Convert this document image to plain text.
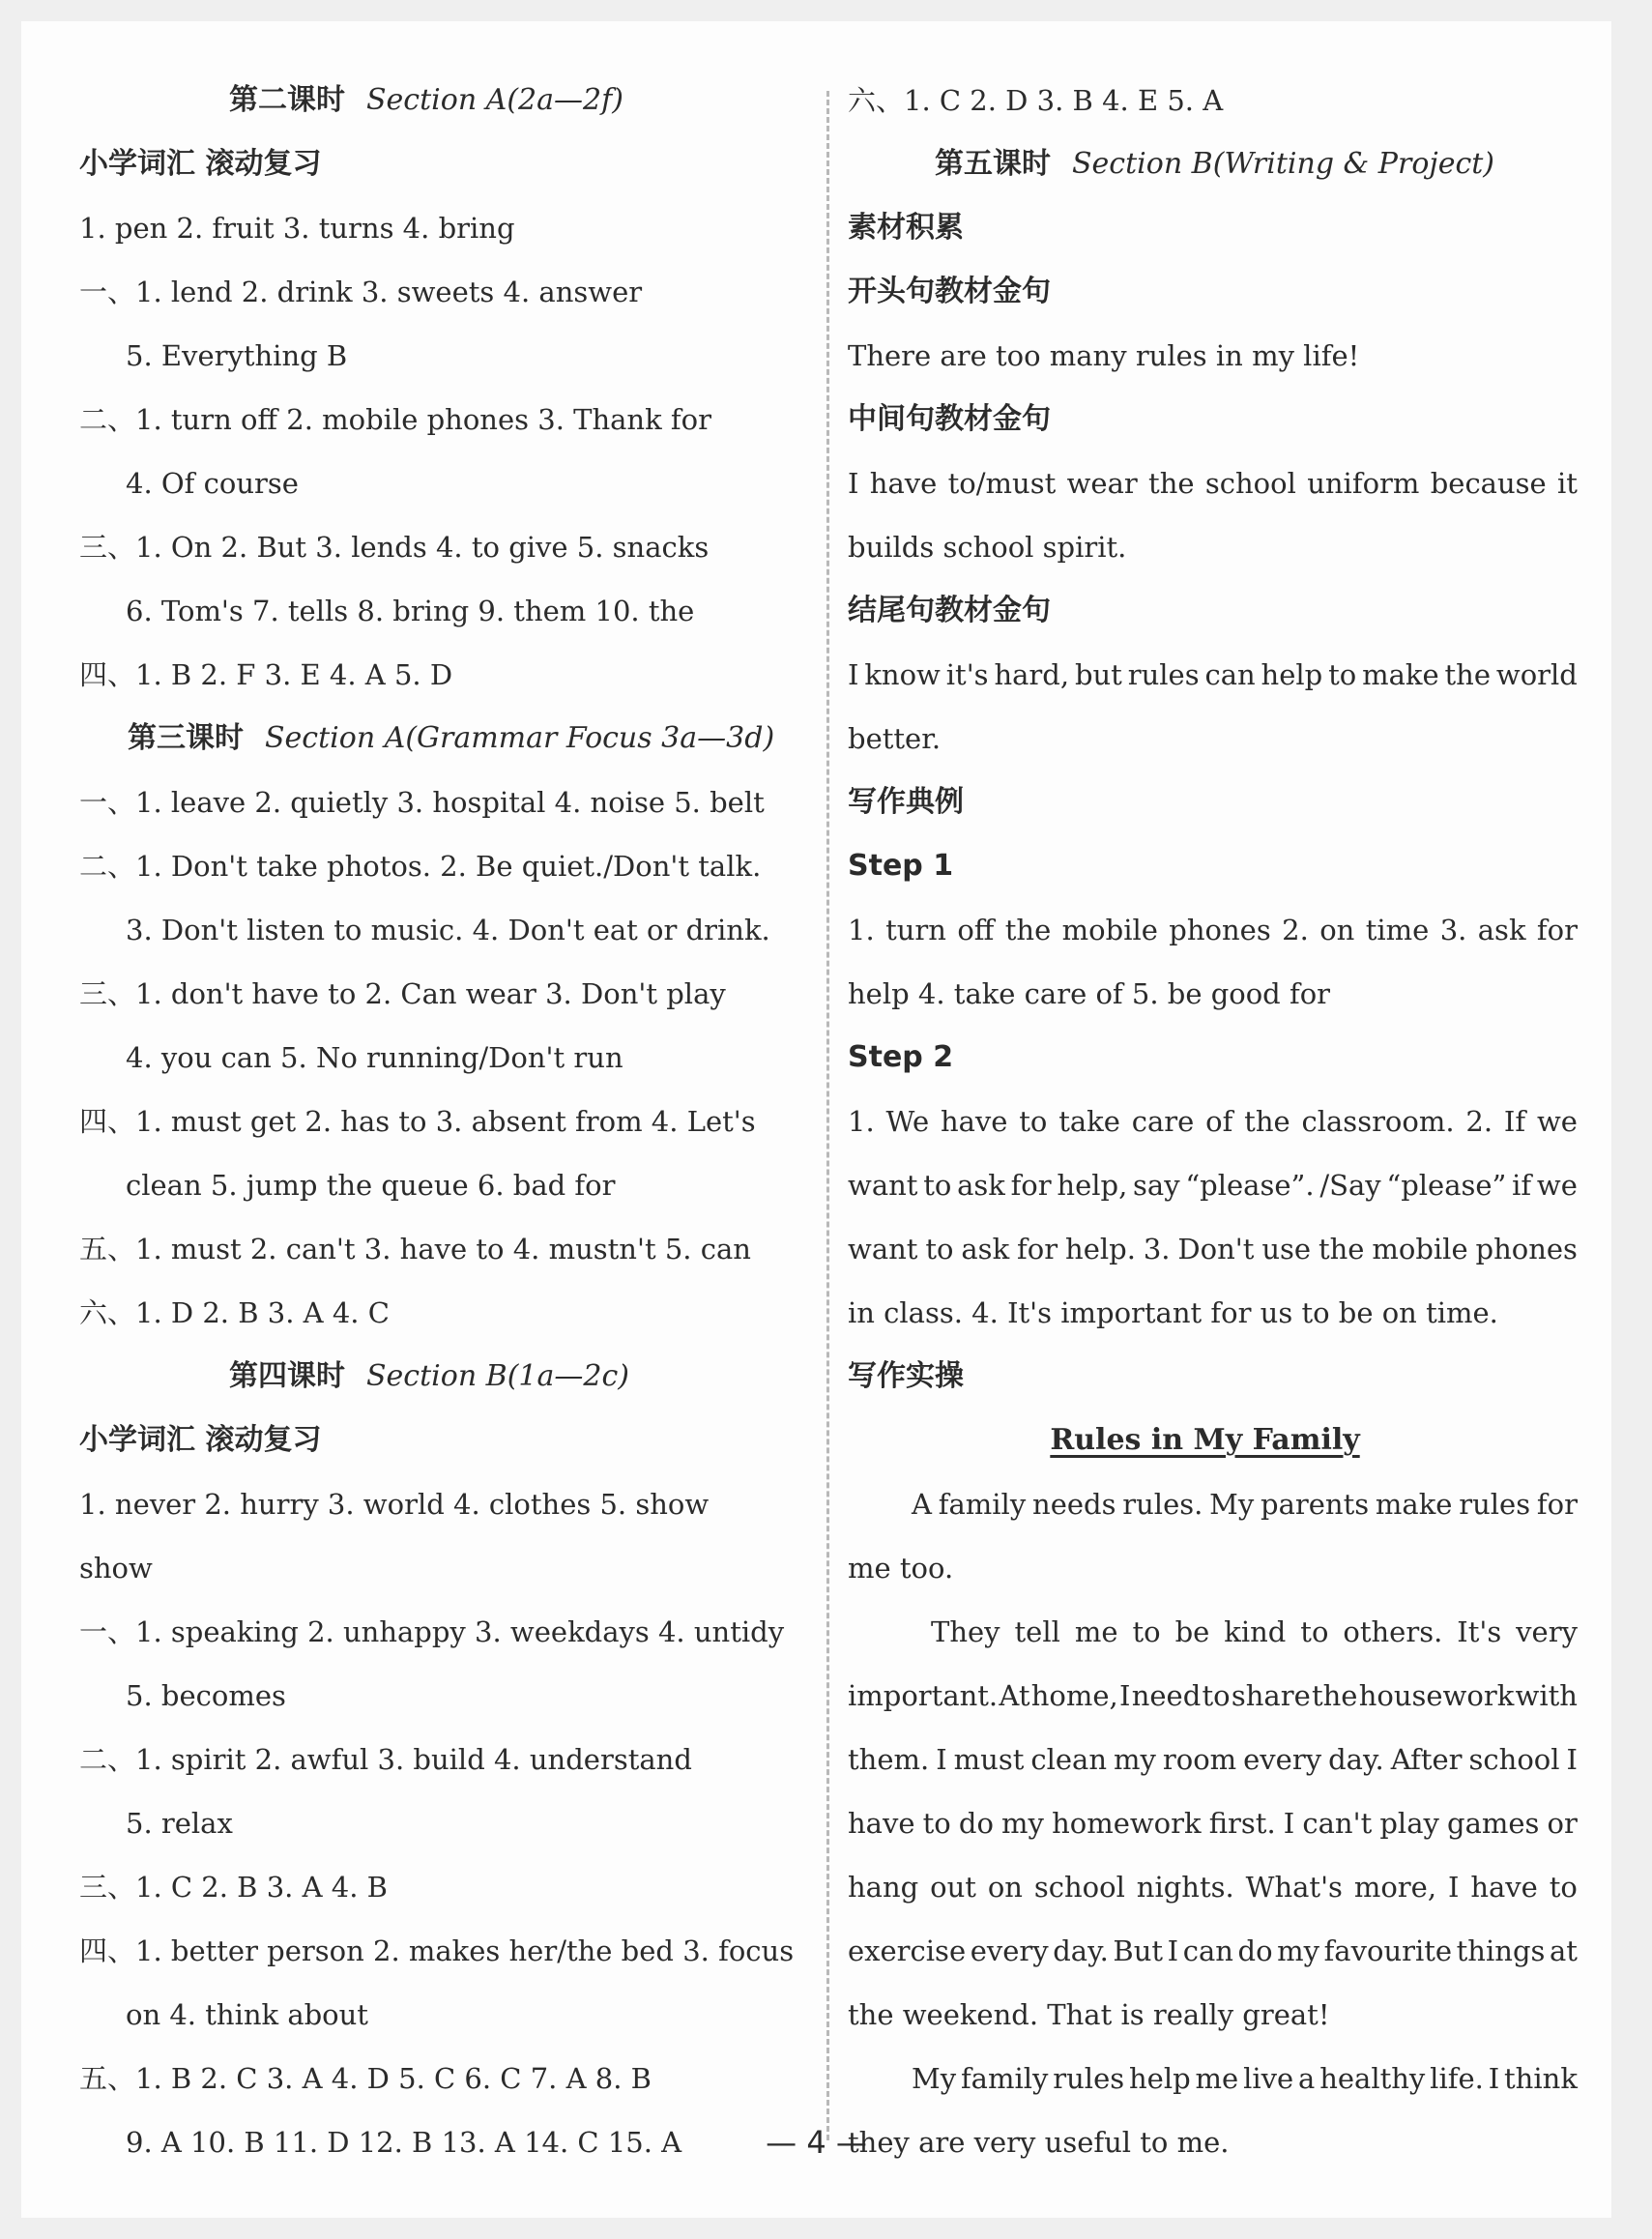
第二课时 Section A(2a—2f)
小学词汇 滚动复习
1. pen 2. fruit 3. turns 4. bring
一、1. lend 2. drink 3. sweets 4. answer
5. Everything B
二、1. turn off 2. mobile phones 3. Thank for
4. Of course
三、1. On 2. But 3. lends 4. to give 5. snacks
6. Tom's 7. tells 8. bring 9. them 10. the
四、1. B 2. F 3. E 4. A 5. D
第三课时 Section A(Grammar Focus 3a—3d)
一、1. leave 2. quietly 3. hospital 4. noise 5. belt
二、1. Don't take photos. 2. Be quiet./Don't talk.
3. Don't listen to music. 4. Don't eat or drink.
三、1. don't have to 2. Can wear 3. Don't play
4. you can 5. No running/Don't run
四、1. must get 2. has to 3. absent from 4. Let's
clean 5. jump the queue 6. bad for
五、1. must 2. can't 3. have to 4. mustn't 5. can
六、1. D 2. B 3. A 4. C
第四课时 Section B(1a—2c)
小学词汇 滚动复习
1. never 2. hurry 3. world 4. clothes 5. show
show
一、1. speaking 2. unhappy 3. weekdays 4. untidy
5. becomes
二、1. spirit 2. awful 3. build 4. understand
5. relax
三、1. C 2. B 3. A 4. B
四、1. better person 2. makes her/the bed 3. focus
on 4. think about
五、1. B 2. C 3. A 4. D 5. C 6. C 7. A 8. B
9. A 10. B 11. D 12. B 13. A 14. C 15. A
六、1. C 2. D 3. B 4. E 5. A
第五课时 Section B(Writing & Project)
素材积累
开头句教材金句
There are too many rules in my life!
中间句教材金句
I have to/must wear the school uniform because it
builds school spirit.
结尾句教材金句
I know it's hard, but rules can help to make the world
better.
写作典例
Step 1
1. turn off the mobile phones 2. on time 3. ask for
help 4. take care of 5. be good for
Step 2
1. We have to take care of the classroom. 2. If we
want to ask for help, say “please”. /Say “please” if we
want to ask for help. 3. Don't use the mobile phones
in class. 4. It's important for us to be on time.
写作实操
Rules in My Family
A family needs rules. My parents make rules for
me too.
They tell me to be kind to others. It's very
important. At home, I need to share the housework with
them. I must clean my room every day. After school I
have to do my homework first. I can't play games or
hang out on school nights. What's more, I have to
exercise every day. But I can do my favourite things at
the weekend. That is really great!
My family rules help me live a healthy life. I think
they are very useful to me.
— 4 —
